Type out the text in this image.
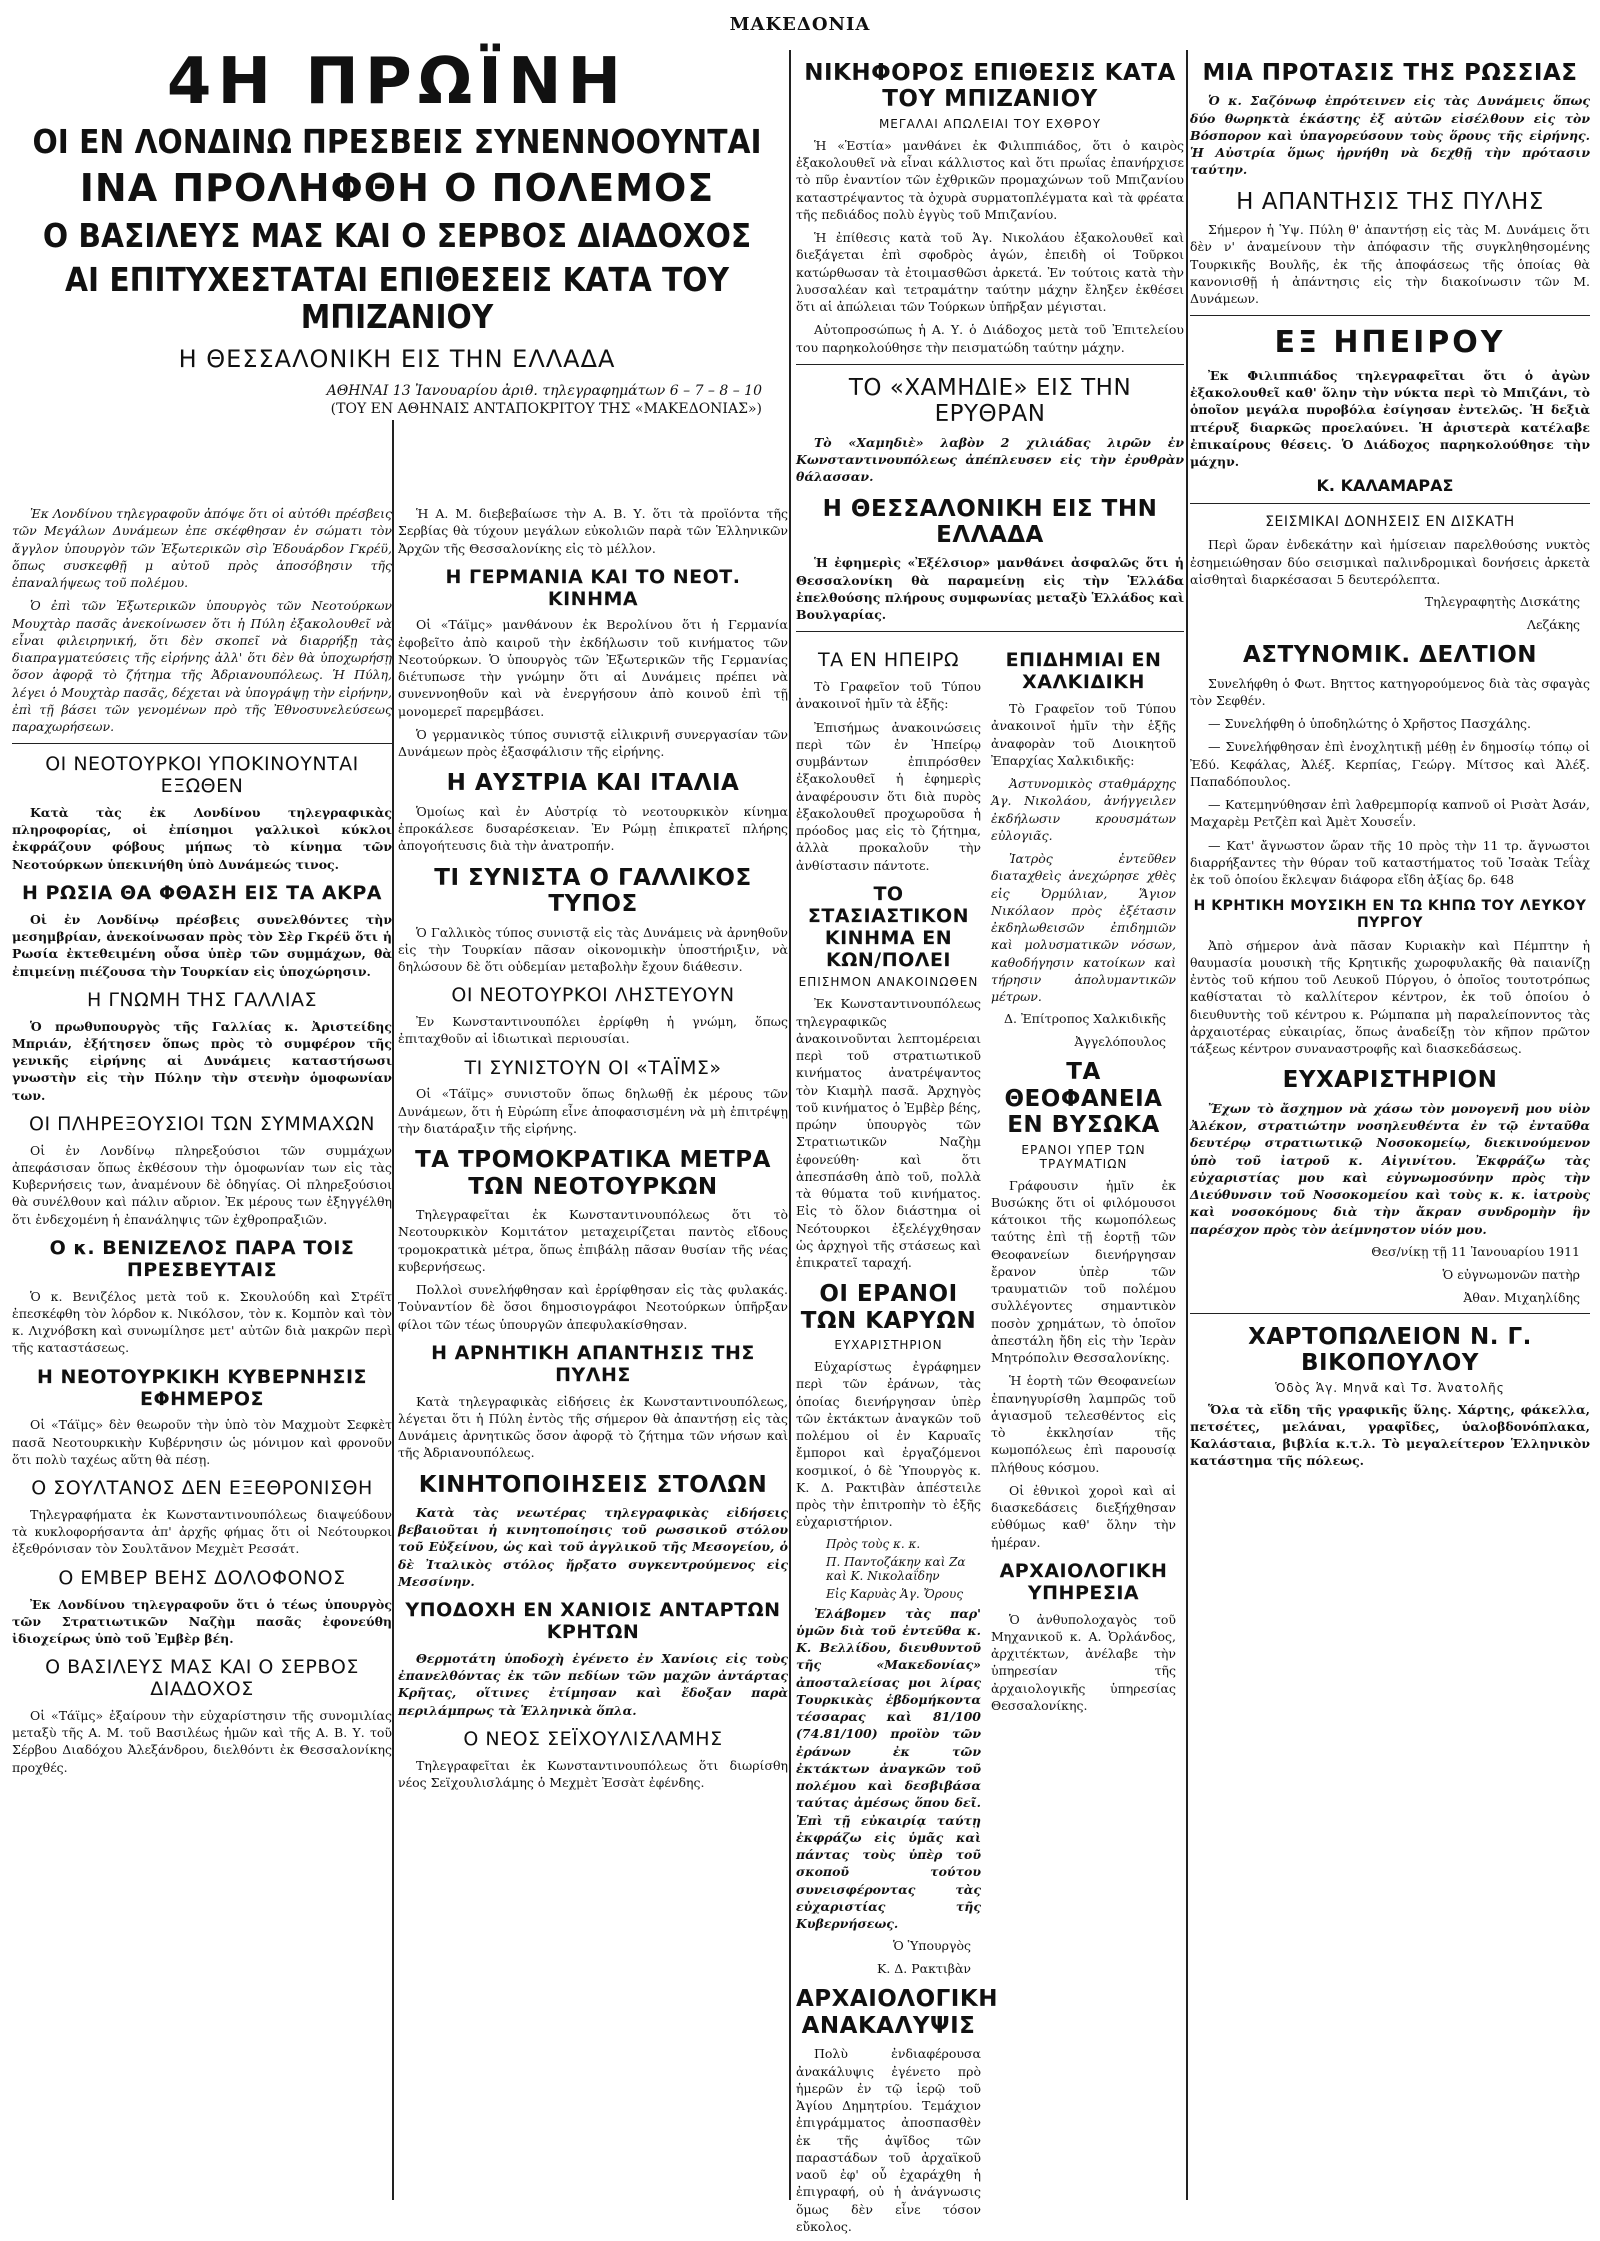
ΜΑΚΕΔΟΝΙΑ
4Η ΠΡΩΪΝΗ
ΟΙ ΕΝ ΛΟΝΔΙΝΩ ΠΡΕΣΒΕΙΣ ΣΥΝΕΝΝΟΟΥΝΤΑΙ
ΙΝΑ ΠΡΟΛΗΦΘΗ Ο ΠΟΛΕΜΟΣ
Ο ΒΑΣΙΛΕΥΣ ΜΑΣ ΚΑΙ Ο ΣΕΡΒΟΣ ΔΙΑΔΟΧΟΣ
ΑΙ ΕΠΙΤΥΧΕΣΤΑΤΑΙ ΕΠΙΘΕΣΕΙΣ ΚΑΤΑ ΤΟΥ ΜΠΙΖΑΝΙΟΥ
Η ΘΕΣΣΑΛΟΝΙΚΗ ΕΙΣ ΤΗΝ ΕΛΛΑΔΑ
ΑΘΗΝΑΙ 13 Ἰανουαρίου ἀριθ. τηλεγραφημάτων 6 – 7 – 8 – 10
(ΤΟΥ ΕΝ ΑΘΗΝΑΙΣ ΑΝΤΑΠΟΚΡΙΤΟΥ ΤΗΣ «ΜΑΚΕΔΟΝΙΑΣ»)

Ἐκ Λονδίνου τηλεγραφοῦν ἀπόψε ὅτι οἱ αὐτόθι πρέσβεις τῶν Μεγάλων Δυνάμεων ἐπε σκέφθησαν ἐν σώματι τὸν ἄγγλον ὑπουργὸν τῶν Ἐξωτερικῶν σὶρ Ἐδουάρδον Γκρέϋ, ὅπως συσκεφθῇ μ αὐτοῦ πρὸς ἀποσόβησιν τῆς ἐπαναλήψεως τοῦ πολέμου.

Ὁ ἐπὶ τῶν Ἐξωτερικῶν ὑπουργὸς τῶν Νεοτούρκων Μουχτὰρ πασᾶς ἀνεκοίνωσεν ὅτι ἡ Πύλη ἐξακολουθεῖ νὰ εἶναι φιλειρηνική, ὅτι δὲν σκοπεῖ νὰ διαρρήξῃ τὰς διαπραγματεύσεις τῆς εἰρήνης ἀλλ' ὅτι δὲν θὰ ὑποχωρήσῃ ὅσον ἀφορᾷ τὸ ζήτημα τῆς Ἀδριανουπόλεως. Ἡ Πύλη, λέγει ὁ Μουχτὰρ πασᾶς, δέχεται νὰ ὑπογράψῃ τὴν εἰρήνην, ἐπὶ τῇ βάσει τῶν γενομένων πρὸ τῆς Ἐθνοσυνελεύσεως παραχωρήσεων.

ΟΙ ΝΕΟΤΟΥΡΚΟΙ ΥΠΟΚΙΝΟΥΝΤΑΙ ΕΞΩΘΕΝ

Κατὰ τὰς ἐκ Λονδίνου τηλεγραφικὰς πληροφορίας, οἱ ἐπίσημοι γαλλικοὶ κύκλοι ἐκφράζουν φόβους μήπως τὸ κίνημα τῶν Νεοτούρκων ὑπεκινήθη ὑπὸ Δυνάμεώς τινος.

Η ΡΩΣΙΑ ΘΑ ΦΘΑΣΗ ΕΙΣ ΤΑ ΑΚΡΑ

Οἱ ἐν Λονδίνῳ πρέσβεις συνελθόντες τὴν μεσημβρίαν, ἀνεκοίνωσαν πρὸς τὸν Σὲρ Γκρέϋ ὅτι ἡ Ρωσία ἐκτεθειμένη οὖσα ὑπὲρ τῶν συμμάχων, θὰ ἐπιμείνῃ πιέζουσα τὴν Τουρκίαν εἰς ὑποχώρησιν.

Η ΓΝΩΜΗ ΤΗΣ ΓΑΛΛΙΑΣ

Ὁ πρωθυπουργὸς τῆς Γαλλίας κ. Ἀριστείδης Μπριάν, ἐξήτησεν ὅπως πρὸς τὸ συμφέρον τῆς γενικῆς εἰρήνης αἱ Δυνάμεις καταστήσωσι γνωστὴν εἰς τὴν Πύλην τὴν στενὴν ὁμοφωνίαν των.

ΟΙ ΠΛΗΡΕΞΟΥΣΙΟΙ ΤΩΝ ΣΥΜΜΑΧΩΝ

Οἱ ἐν Λονδίνῳ πληρεξούσιοι τῶν συμμάχων ἀπεφάσισαν ὅπως ἐκθέσουν τὴν ὁμοφωνίαν των εἰς τὰς Κυβερνήσεις των, ἀναμένουν δὲ ὁδηγίας. Οἱ πληρεξούσιοι θὰ συνέλθουν καὶ πάλιν αὔριον. Ἐκ μέρους των ἐξηγγέλθη ὅτι ἐνδεχομένη ἡ ἐπανάληψις τῶν ἐχθροπραξιῶν.

Ο κ. ΒΕΝΙΖΕΛΟΣ ΠΑΡΑ ΤΟΙΣ ΠΡΕΣΒΕΥΤΑΙΣ

Ὁ κ. Βενιζέλος μετὰ τοῦ κ. Σκουλούδη καὶ Στρέϊτ ἐπεσκέφθη τὸν λόρδον κ. Νικόλσον, τὸν κ. Κομπὸν καὶ τὸν κ. Λιχνόβσκη καὶ συνωμίλησε μετ' αὐτῶν διὰ μακρῶν περὶ τῆς καταστάσεως.

Η ΝΕΟΤΟΥΡΚΙΚΗ ΚΥΒΕΡΝΗΣΙΣ ΕΦΗΜΕΡΟΣ

Οἱ «Τάϊμς» δὲν θεωροῦν τὴν ὑπὸ τὸν Μαχμοὺτ Σεφκὲτ πασᾶ Νεοτουρκικὴν Κυβέρνησιν ὡς μόνιμον καὶ φρονοῦν ὅτι πολὺ ταχέως αὕτη θὰ πέσῃ.

Ο ΣΟΥΛΤΑΝΟΣ ΔΕΝ ΕΞΕΘΡΟΝΙΣΘΗ

Τηλεγραφήματα ἐκ Κωνσταντινουπόλεως διαψεύδουν τὰ κυκλοφορήσαντα ἀπ' ἀρχῆς φήμας ὅτι οἱ Νεότουρκοι ἐξεθρόνισαν τὸν Σουλτᾶνον Μεχμὲτ Ρεσσάτ.

Ο ΕΜΒΕΡ ΒΕΗΣ ΔΟΛΟΦΟΝΟΣ

Ἐκ Λονδίνου τηλεγραφοῦν ὅτι ὁ τέως ὑπουργὸς τῶν Στρατιωτικῶν Ναζὴμ πασᾶς ἐφονεύθη ἰδιοχείρως ὑπὸ τοῦ Ἐμβὲρ βέη.

Ο ΒΑΣΙΛΕΥΣ ΜΑΣ ΚΑΙ Ο ΣΕΡΒΟΣ ΔΙΑΔΟΧΟΣ

Οἱ «Τάϊμς» ἐξαίρουν τὴν εὐχαρίστησιν τῆς συνομιλίας μεταξὺ τῆς Α. Μ. τοῦ Βασιλέως ἡμῶν καὶ τῆς Α. Β. Υ. τοῦ Σέρβου Διαδόχου Ἀλεξάνδρου, διελθόντι ἐκ Θεσσαλονίκης προχθές.

Ἡ Α. Μ. διεβεβαίωσε τὴν Α. Β. Υ. ὅτι τὰ προϊόντα τῆς Σερβίας θὰ τύχουν μεγάλων εὐκολιῶν παρὰ τῶν Ἑλληνικῶν Ἀρχῶν τῆς Θεσσαλονίκης εἰς τὸ μέλλον.

Η ΓΕΡΜΑΝΙΑ ΚΑΙ ΤΟ ΝΕΟΤ. ΚΙΝΗΜΑ

Οἱ «Τάϊμς» μανθάνουν ἐκ Βερολίνου ὅτι ἡ Γερμανία ἐφοβεῖτο ἀπὸ καιροῦ τὴν ἐκδήλωσιν τοῦ κινήματος τῶν Νεοτούρκων. Ὁ ὑπουργὸς τῶν Ἐξωτερικῶν τῆς Γερμανίας διέτυπωσε τὴν γνώμην ὅτι αἱ Δυνάμεις πρέπει νὰ συνεννοηθοῦν καὶ νὰ ἐνεργήσουν ἀπὸ κοινοῦ ἐπὶ τῇ μονομερεῖ παρεμβάσει.

Ὁ γερμανικὸς τύπος συνιστᾷ εἰλικρινῆ συνεργασίαν τῶν Δυνάμεων πρὸς ἐξασφάλισιν τῆς εἰρήνης.

Η ΑΥΣΤΡΙΑ ΚΑΙ ΙΤΑΛΙΑ

Ὁμοίως καὶ ἐν Αὐστρίᾳ τὸ νεοτουρκικὸν κίνημα ἐπροκάλεσε δυσαρέσκειαν. Ἐν Ρώμῃ ἐπικρατεῖ πλήρης ἀπογοήτευσις διὰ τὴν ἀνατροπήν.

ΤΙ ΣΥΝΙΣΤΑ Ο ΓΑΛΛΙΚΟΣ ΤΥΠΟΣ

Ὁ Γαλλικὸς τύπος συνιστᾷ εἰς τὰς Δυνάμεις νὰ ἀρνηθοῦν εἰς τὴν Τουρκίαν πᾶσαν οἰκονομικὴν ὑποστήριξιν, νὰ δηλώσουν δὲ ὅτι οὐδεμίαν μεταβολὴν ἔχουν διάθεσιν.

ΟΙ ΝΕΟΤΟΥΡΚΟΙ ΛΗΣΤΕΥΟΥΝ

Ἐν Κωνσταντινουπόλει ἐρρίφθη ἡ γνώμη, ὅπως ἐπιταχθοῦν αἱ ἰδιωτικαὶ περιουσίαι.

ΤΙ ΣΥΝΙΣΤΟΥΝ ΟΙ «ΤΑΪΜΣ»

Οἱ «Τάϊμς» συνιστοῦν ὅπως δηλωθῇ ἐκ μέρους τῶν Δυνάμεων, ὅτι ἡ Εὐρώπη εἶνε ἀποφασισμένη νὰ μὴ ἐπιτρέψῃ τὴν διατάραξιν τῆς εἰρήνης.

ΤΑ ΤΡΟΜΟΚΡΑΤΙΚΑ ΜΕΤΡΑ ΤΩΝ ΝΕΟΤΟΥΡΚΩΝ

Τηλεγραφεῖται ἐκ Κωνσταντινουπόλεως ὅτι τὸ Νεοτουρκικὸν Κομιτάτον μεταχειρίζεται παντὸς εἴδους τρομοκρατικὰ μέτρα, ὅπως ἐπιβάλῃ πᾶσαν θυσίαν τῆς νέας κυβερνήσεως.

Πολλοὶ συνελήφθησαν καὶ ἐρρίφθησαν εἰς τὰς φυλακάς. Τοὐναντίον δὲ ὅσοι δημοσιογράφοι Νεοτούρκων ὑπῆρξαν φίλοι τῶν τέως ὑπουργῶν ἀπεφυλακίσθησαν.

Η ΑΡΝΗΤΙΚΗ ΑΠΑΝΤΗΣΙΣ ΤΗΣ ΠΥΛΗΣ

Κατὰ τηλεγραφικὰς εἰδήσεις ἐκ Κωνσταντινουπόλεως, λέγεται ὅτι ἡ Πύλη ἐντὸς τῆς σήμερον θὰ ἀπαντήσῃ εἰς τὰς Δυνάμεις ἀρνητικῶς ὅσον ἀφορᾷ τὸ ζήτημα τῶν νήσων καὶ τῆς Ἀδριανουπόλεως.

ΚΙΝΗΤΟΠΟΙΗΣΕΙΣ ΣΤΟΛΩΝ

Κατὰ τὰς νεωτέρας τηλεγραφικὰς εἰδήσεις βεβαιοῦται ἡ κινητοποίησις τοῦ ρωσσικοῦ στόλου τοῦ Εὐξείνου, ὡς καὶ τοῦ ἀγγλικοῦ τῆς Μεσογείου, ὁ δὲ Ἰταλικὸς στόλος ἤρξατο συγκεντρούμενος εἰς Μεσσίνην.

ΥΠΟΔΟΧΗ ΕΝ ΧΑΝΙΟΙΣ ΑΝΤΑΡΤΩΝ ΚΡΗΤΩΝ

Θερμοτάτη ὑποδοχὴ ἐγένετο ἐν Χανίοις εἰς τοὺς ἐπανελθόντας ἐκ τῶν πεδίων τῶν μαχῶν ἀντάρτας Κρῆτας, οἵτινες ἐτίμησαν καὶ ἔδοξαν παρὰ περιλάμπρως τὰ Ἑλληνικὰ ὅπλα.

Ο ΝΕΟΣ ΣΕΪΧΟΥΛΙΣΛΑΜΗΣ

Τηλεγραφεῖται ἐκ Κωνσταντινουπόλεως ὅτι διωρίσθη νέος Σεϊχουλισλάμης ὁ Μεχμὲτ Ἐσσὰτ ἐφένδης.

ΝΙΚΗΦΟΡΟΣ ΕΠΙΘΕΣΙΣ ΚΑΤΑ ΤΟΥ ΜΠΙΖΑΝΙΟΥ
ΜΕΓΑΛΑΙ ΑΠΩΛΕΙΑΙ ΤΟΥ ΕΧΘΡΟΥ

Ἡ «Ἑστία» μανθάνει ἐκ Φιλιππιάδος, ὅτι ὁ καιρὸς ἐξακολουθεῖ νὰ εἶναι κάλλιστος καὶ ὅτι πρωΐας ἐπανήρχισε τὸ πῦρ ἐναντίον τῶν ἐχθρικῶν προμαχώνων τοῦ Μπιζανίου καταστρέψαντος τὰ ὀχυρὰ συρματοπλέγματα καὶ τὰ φρέατα τῆς πεδιάδος πολὺ ἐγγὺς τοῦ Μπιζανίου.

Ἡ ἐπίθεσις κατὰ τοῦ Ἁγ. Νικολάου ἐξακολουθεῖ καὶ διεξάγεται ἐπὶ σφοδρὸς ἀγών, ἐπειδὴ οἱ Τοῦρκοι κατώρθωσαν τὰ ἐτοιμασθῶσι ἀρκετά. Ἐν τούτοις κατὰ τὴν λυσσαλέαν καὶ τετραμάτην ταύτην μάχην ἔληξεν ἐκθέσει ὅτι αἱ ἀπώλειαι τῶν Τούρκων ὑπῆρξαν μέγισται.

Αὐτοπροσώπως ἡ Α. Υ. ὁ Διάδοχος μετὰ τοῦ Ἐπιτελείου του παρηκολούθησε τὴν πεισματώδη ταύτην μάχην.

ΤΟ «ΧΑΜΗΔΙΕ» ΕΙΣ ΤΗΝ ΕΡΥΘΡΑΝ

Τὸ «Χαμηδιὲ» λαβὸν 2 χιλιάδας λιρῶν ἐν Κωνσταντινουπόλεως ἀπέπλευσεν εἰς τὴν ἐρυθρὰν θάλασσαν.

Η ΘΕΣΣΑΛΟΝΙΚΗ ΕΙΣ ΤΗΝ ΕΛΛΑΔΑ

Ἡ ἐφημερὶς «Ἐξέλσιορ» μανθάνει ἀσφαλῶς ὅτι ἡ Θεσσαλονίκη θὰ παραμείνῃ εἰς τὴν Ἑλλάδα ἐπελθούσης πλήρους συμφωνίας μεταξὺ Ἑλλάδος καὶ Βουλγαρίας.

ΤΑ ΕΝ ΗΠΕΙΡΩ

Τὸ Γραφεῖον τοῦ Τύπου ἀνακοινοῖ ἠμῖν τὰ ἑξῆς:

Ἐπισήμως ἀνακοινώσεις περὶ τῶν ἐν Ἠπείρῳ συμβάντων ἐπιπρόσθεν ἐξακολουθεῖ ἡ ἐφημερὶς ἀναφέρουσιν ὅτι διὰ πυρὸς ἐξακολουθεῖ προχωροῦσα ἡ πρόοδος μας εἰς τὸ ζήτημα, ἀλλὰ προκαλοῦν τὴν ἀνθίστασιν πάντοτε.

ΤΟ ΣΤΑΣΙΑΣΤΙΚΟΝ ΚΙΝΗΜΑ ΕΝ ΚΩΝ/ΠΟΛΕΙ
ΕΠΙΣΗΜΟΝ ΑΝΑΚΟΙΝΩΘΕΝ

Ἐκ Κωνσταντινουπόλεως τηλεγραφικῶς ἀνακοινοῦνται λεπτομέρειαι περὶ τοῦ στρατιωτικοῦ κινήματος ἀνατρέψαντος τὸν Κιαμὴλ πασᾶ. Ἀρχηγὸς τοῦ κινήματος ὁ Ἐμβὲρ βέης, πρώην ὑπουργὸς τῶν Στρατιωτικῶν Ναζὴμ ἐφονεύθη· καὶ ὅτι ἀπεσπάσθη ἀπὸ τοῦ, πολλὰ τὰ θύματα τοῦ κινήματος. Εἰς τὸ ὅλον διάστημα οἱ Νεότουρκοι ἐξελέγχθησαν ὡς ἀρχηγοὶ τῆς στάσεως καὶ ἐπικρατεῖ ταραχή.

ΟΙ ΕΡΑΝΟΙ ΤΩΝ ΚΑΡΥΩΝ
ΕΥΧΑΡΙΣΤΗΡΙΟΝ

Εὐχαρίστως ἐγράφημεν περὶ τῶν ἐράνων, τὰς ὁποίας διενήργησαν ὑπὲρ τῶν ἐκτάκτων ἀναγκῶν τοῦ πολέμου οἱ ἐν Καρυαῖς ἔμποροι καὶ ἐργαζόμενοι κοσμικοί, ὁ δὲ Ὑπουργὸς κ. Κ. Δ. Ρακτιβὰν ἀπέστειλε πρὸς τὴν ἐπιτροπὴν τὸ ἑξῆς εὐχαριστήριον.

Πρὸς τοὺς κ. κ.
Π. Παντοζάκην καὶ Ζα καὶ Κ. Νικολαΐδην
Εἰς Καρυὰς Ἁγ. Ὄρους

Ἐλάβομεν τὰς παρ' ὑμῶν διὰ τοῦ ἐντεῦθα κ. Κ. Βελλίδου, διευθυντοῦ τῆς «Μακεδονίας» ἀποσταλείσας μοι λίρας Τουρκικὰς ἑβδομήκοντα τέσσαρας καὶ 81/100 (74.81/100) προϊὸν τῶν ἐράνων ἐκ τῶν ἐκτάκτων ἀναγκῶν τοῦ πολέμου καὶ δεσβιβάσα ταύτας ἀμέσως ὅπου δεῖ. Ἐπὶ τῇ εὐκαιρίᾳ ταύτῃ ἐκφράζω εἰς ὑμᾶς καὶ πάντας τοὺς ὑπὲρ τοῦ σκοποῦ τούτου συνεισφέροντας τὰς εὐχαριστίας τῆς Κυβερνήσεως.

Ὁ Ὑπουργὸς
Κ. Δ. Ρακτιβὰν
ΑΡΧΑΙΟΛΟΓΙΚΗ ΑΝΑΚΑΛΥΨΙΣ

Πολὺ ἐνδιαφέρουσα ἀνακάλυψις ἐγένετο πρὸ ἡμερῶν ἐν τῷ ἱερῷ τοῦ Ἁγίου Δημητρίου. Τεμάχιον ἐπιγράμματος ἀποσπασθὲν ἐκ τῆς ἀψῖδος τῶν παραστάδων τοῦ ἀρχαϊκοῦ ναοῦ ἐφ' οὗ ἐχαράχθη ἡ ἐπιγραφή, οὐ ἡ ἀνάγνωσις ὅμως δὲν εἶνε τόσον εὔκολος.

ΕΠΙΔΗΜΙΑΙ ΕΝ ΧΑΛΚΙΔΙΚΗ

Τὸ Γραφεῖον τοῦ Τύπου ἀνακοινοῖ ἠμῖν τὴν ἑξῆς ἀναφορὰν τοῦ Διοικητοῦ Ἐπαρχίας Χαλκιδικῆς:

Ἀστυνομικὸς σταθμάρχης Ἁγ. Νικολάου, ἀνήγγειλεν ἐκδήλωσιν κρουσμάτων εὐλογιᾶς.

Ἰατρὸς ἐντεῦθεν διαταχθεὶς ἀνεχώρησε χθὲς εἰς Ὀρμύλιαν, Ἅγιον Νικόλαον πρὸς ἐξέτασιν ἐκδηλωθεισῶν ἐπιδημιῶν καὶ μολυσματικῶν νόσων, καθοδήγησιν κατοίκων καὶ τήρησιν ἀπολυμαντικῶν μέτρων.

Δ. Ἐπίτροπος Χαλκιδικῆς
Ἀγγελόπουλος
ΤΑ ΘΕΟΦΑΝΕΙΑ ΕΝ ΒΥΣΩΚΑ
ΕΡΑΝΟΙ ΥΠΕΡ ΤΩΝ ΤΡΑΥΜΑΤΙΩΝ

Γράφουσιν ἡμῖν ἐκ Βυσώκης ὅτι οἱ φιλόμουσοι κάτοικοι τῆς κωμοπόλεως ταύτης ἐπὶ τῇ ἑορτῇ τῶν Θεοφανείων διενήργησαν ἔρανον ὑπὲρ τῶν τραυματιῶν τοῦ πολέμου συλλέγοντες σημαντικὸν ποσὸν χρημάτων, τὸ ὁποῖον ἀπεστάλη ἤδη εἰς τὴν Ἱερὰν Μητρόπολιν Θεσσαλονίκης.

Ἡ ἑορτὴ τῶν Θεοφανείων ἐπανηγυρίσθη λαμπρῶς τοῦ ἁγιασμοῦ τελεσθέντος εἰς τὸ ἐκκλησίαν τῆς κωμοπόλεως ἐπὶ παρουσίᾳ πλήθους κόσμου.

Οἱ ἐθνικοὶ χοροὶ καὶ αἱ διασκεδάσεις διεξήχθησαν εὐθύμως καθ' ὅλην τὴν ἡμέραν.

ΑΡΧΑΙΟΛΟΓΙΚΗ ΥΠΗΡΕΣΙΑ

Ὁ ἀνθυπολοχαγὸς τοῦ Μηχανικοῦ κ. Α. Ὀρλάνδος, ἀρχιτέκτων, ἀνέλαβε τὴν ὑπηρεσίαν τῆς ἀρχαιολογικῆς ὑπηρεσίας Θεσσαλονίκης.

ΜΙΑ ΠΡΟΤΑΣΙΣ ΤΗΣ ΡΩΣΣΙΑΣ

Ὁ κ. Σαζόνωφ ἐπρότεινεν εἰς τὰς Δυνάμεις ὅπως δύο θωρηκτὰ ἑκάστης ἐξ αὐτῶν εἰσέλθουν εἰς τὸν Βόσπορον καὶ ὑπαγορεύσουν τοὺς ὅρους τῆς εἰρήνης. Ἡ Αὐστρία ὅμως ἠρνήθη νὰ δεχθῇ τὴν πρότασιν ταύτην.

Η ΑΠΑΝΤΗΣΙΣ ΤΗΣ ΠΥΛΗΣ

Σήμερον ἡ Ὑψ. Πύλη θ' ἀπαντήσῃ εἰς τὰς Μ. Δυνάμεις ὅτι δὲν ν' ἀναμείνουν τὴν ἀπόφασιν τῆς συγκληθησομένης Τουρκικῆς Βουλῆς, ἐκ τῆς ἀποφάσεως τῆς ὁποίας θὰ κανονισθῇ ἡ ἀπάντησις εἰς τὴν διακοίνωσιν τῶν Μ. Δυνάμεων.

ΕΞ ΗΠΕΙΡΟΥ

Ἐκ Φιλιππιάδος τηλεγραφεῖται ὅτι ὁ ἀγὼν ἐξακολουθεῖ καθ' ὅλην τὴν νύκτα περὶ τὸ Μπιζάνι, τὸ ὁποῖον μεγάλα πυροβόλα ἐσίγησαν ἐντελῶς. Ἡ δεξιὰ πτέρυξ διαρκῶς προελαύνει. Ἡ ἀριστερὰ κατέλαβε ἐπικαίρους θέσεις. Ὁ Διάδοχος παρηκολούθησε τὴν μάχην.

Κ. ΚΑΛΑΜΑΡΑΣ
ΣΕΙΣΜΙΚΑΙ ΔΟΝΗΣΕΙΣ ΕΝ ΔΙΣΚΑΤΗ

Περὶ ὥραν ἐνδεκάτην καὶ ἡμίσειαν παρελθούσης νυκτὸς ἐσημειώθησαν δύο σεισμικαὶ παλινδρομικαὶ δονήσεις ἀρκετὰ αἰσθηταὶ διαρκέσασαι 5 δευτερόλεπτα.

Τηλεγραφητὴς Δισκάτης
Λεζάκης
ΑΣΤΥΝΟΜΙΚ. ΔΕΛΤΙΟΝ

Συνελήφθη ὁ Φωτ. Βηττος κατηγορούμενος διὰ τὰς σφαγὰς τὸν Σεφθέν.

— Συνελήφθη ὁ ὑποδηλώτης ὁ Χρῆστος Πασχάλης.

— Συνελήφθησαν ἐπὶ ἐνοχλητικῇ μέθῃ ἐν δημοσίῳ τόπῳ οἱ Ἐδύ. Κεφάλας, Ἀλέξ. Κερπίας, Γεώργ. Μίτσος καὶ Ἀλέξ. Παπαδόπουλος.

— Κατεμηνύθησαν ἐπὶ λαθρεμπορίᾳ καπνοῦ οἱ Ρισὰτ Ἀσάν, Μαχαρὲμ Ρετζὲπ καὶ Ἀμὲτ Χουσεΐν.

— Κατ' ἄγνωστον ὥραν τῆς 10 πρὸς τὴν 11 τρ. ἄγνωστοι διαρρήξαντες τὴν θύραν τοῦ καταστήματος τοῦ Ἰσαὰκ Τεΐὰχ ἐκ τοῦ ὁποίου ἔκλεψαν διάφορα εἴδη ἀξίας δρ. 648

Η ΚΡΗΤΙΚΗ ΜΟΥΣΙΚΗ ΕΝ ΤΩ ΚΗΠΩ ΤΟΥ ΛΕΥΚΟΥ ΠΥΡΓΟΥ

Ἀπὸ σήμερον ἀνὰ πᾶσαν Κυριακὴν καὶ Πέμπτην ἡ θαυμασία μουσικὴ τῆς Κρητικῆς χωροφυλακῆς θὰ παιανίζῃ ἐντὸς τοῦ κήπου τοῦ Λευκοῦ Πύργου, ὁ ὁποῖος τουτοτρόπως καθίσταται τὸ καλλίτερον κέντρον, ἐκ τοῦ ὁποίου ὁ διευθυντὴς τοῦ κέντρου κ. Ρώμπαπα μὴ παραλείπονντος τὰς ἀρχαιοτέρας εὐκαιρίας, ὅπως ἀναδείξῃ τὸν κῆπον πρῶτον τάξεως κέντρον συναναστροφῆς καὶ διασκεδάσεως.

ΕΥΧΑΡΙΣΤΗΡΙΟΝ

Ἔχων τὸ ἄσχημον νὰ χάσω τὸν μονογενῆ μου υἱὸν Ἀλέκον, στρατιώτην νοσηλευθέντα ἐν τῷ ἐνταῦθα δευτέρῳ στρατιωτικῷ Νοσοκομείῳ, διεκινούμενον ὑπὸ τοῦ ἰατροῦ κ. Αἰγινίτου. Ἐκφράζω τὰς εὐχαριστίας μου καὶ εὐγνωμοσύνην πρὸς τὴν Διεύθυνσιν τοῦ Νοσοκομείου καὶ τοὺς κ. κ. ἰατροὺς καὶ νοσοκόμους διὰ τὴν ἄκραν συνδρομὴν ἣν παρέσχον πρὸς τὸν ἀείμνηστον υἱόν μου.

Θεσ/νίκῃ τῇ 11 Ἰανουαρίου 1911
Ὁ εὐγνωμονῶν πατὴρ
Ἀθαν. Μιχαηλίδης
ΧΑΡΤΟΠΩΛΕΙΟΝ Ν. Γ. ΒΙΚΟΠΟΥΛΟΥ
Ὁδὸς Ἁγ. Μηνᾶ καὶ Τσ. Ἀνατολῆς

Ὅλα τὰ εἴδη τῆς γραφικῆς ὕλης. Χάρτης, φάκελλα, πετσέτες, μελάναι, γραφῖδες, ὑαλοβδονόπλακα, Καλάσταια, βιβλία κ.τ.λ. Τὸ μεγαλείτερον Ἑλληνικὸν κατάστημα τῆς πόλεως.
